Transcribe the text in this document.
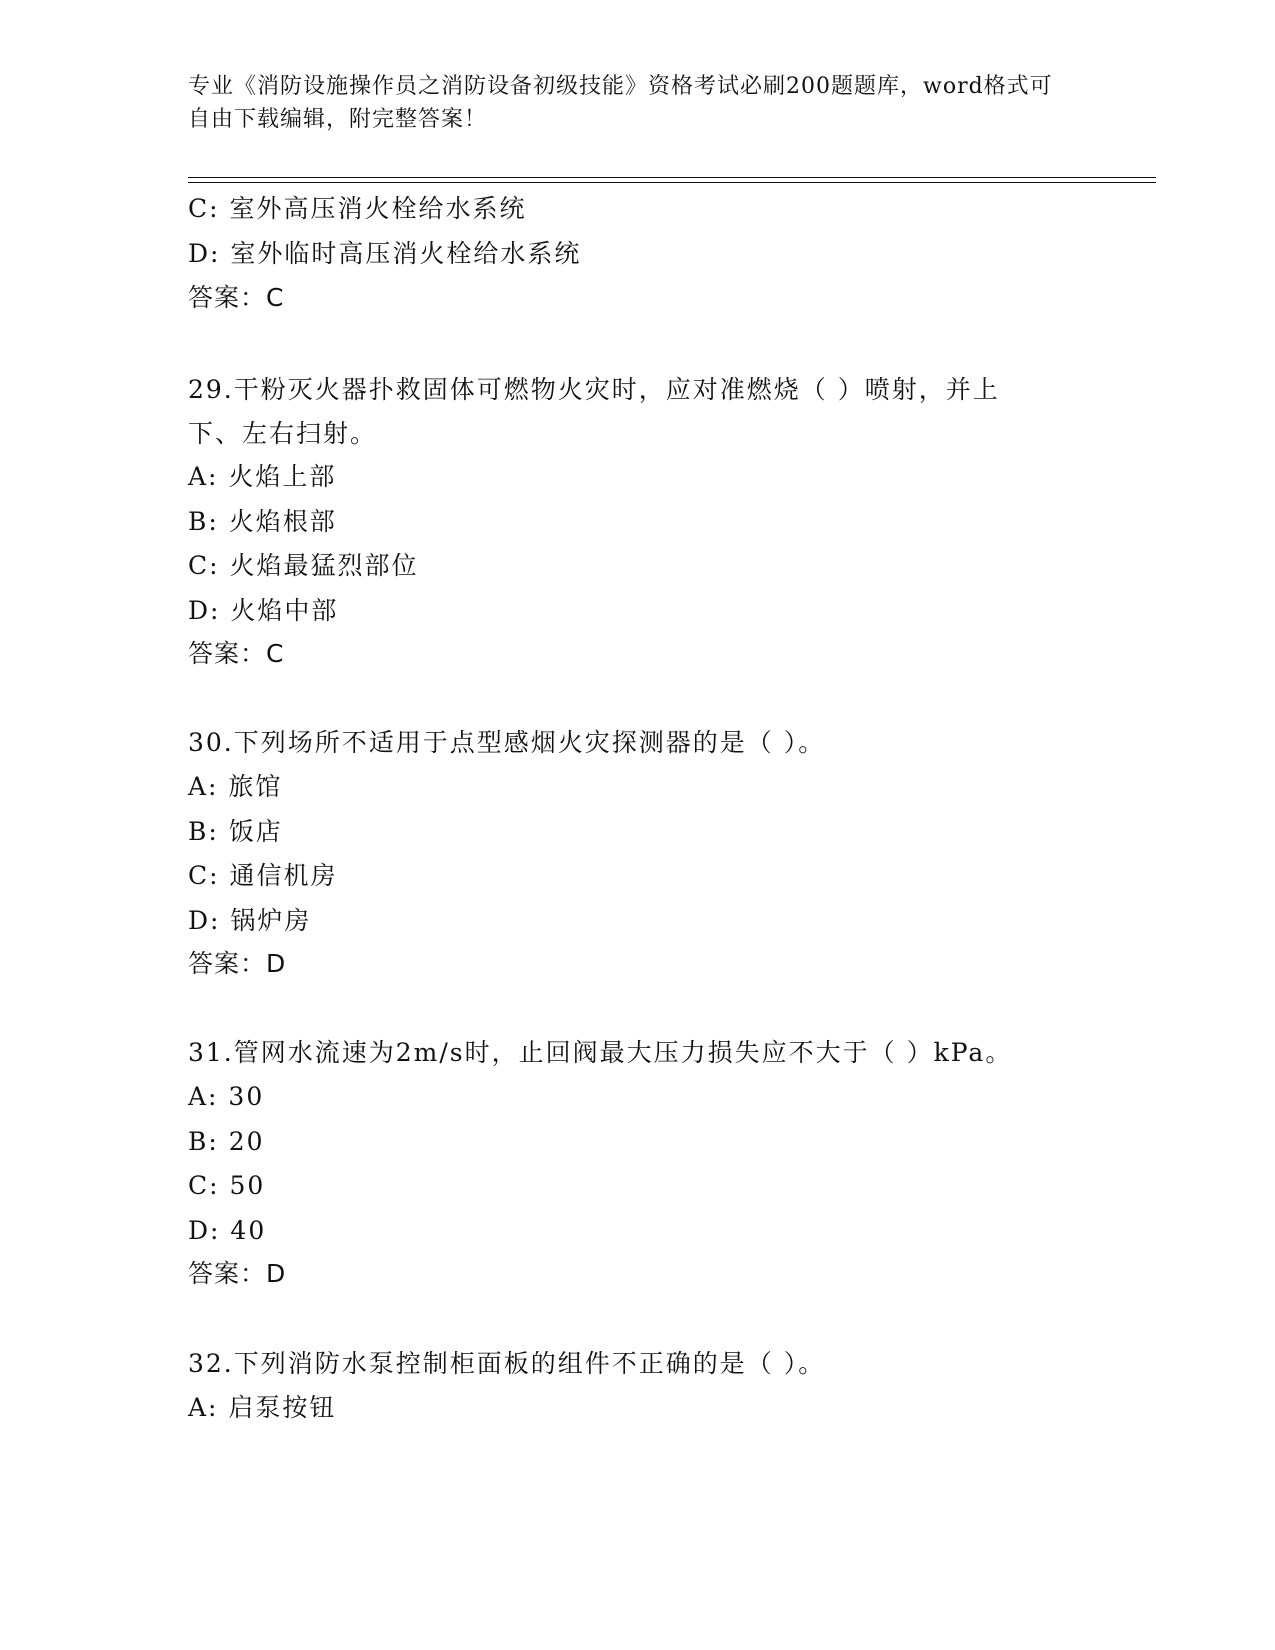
专业《消防设施操作员之消防设备初级技能》资格考试必刷200题题库，word格式可自由下载编辑，附完整答案！
C: 室外高压消火栓给水系统
D: 室外临时高压消火栓给水系统
答案：C
29.干粉灭火器扑救固体可燃物火灾时，应对准燃烧（ ）喷射，并上
下、左右扫射。
A: 火焰上部
B: 火焰根部
C: 火焰最猛烈部位
D: 火焰中部
答案：C
30.下列场所不适用于点型感烟火灾探测器的是（ ）。
A: 旅馆
B: 饭店
C: 通信机房
D: 锅炉房
答案：D
31.管网水流速为2m/s时，止回阀最大压力损失应不大于（ ）kPa。
A: 30
B: 20
C: 50
D: 40
答案：D
32.下列消防水泵控制柜面板的组件不正确的是（ ）。
A: 启泵按钮
